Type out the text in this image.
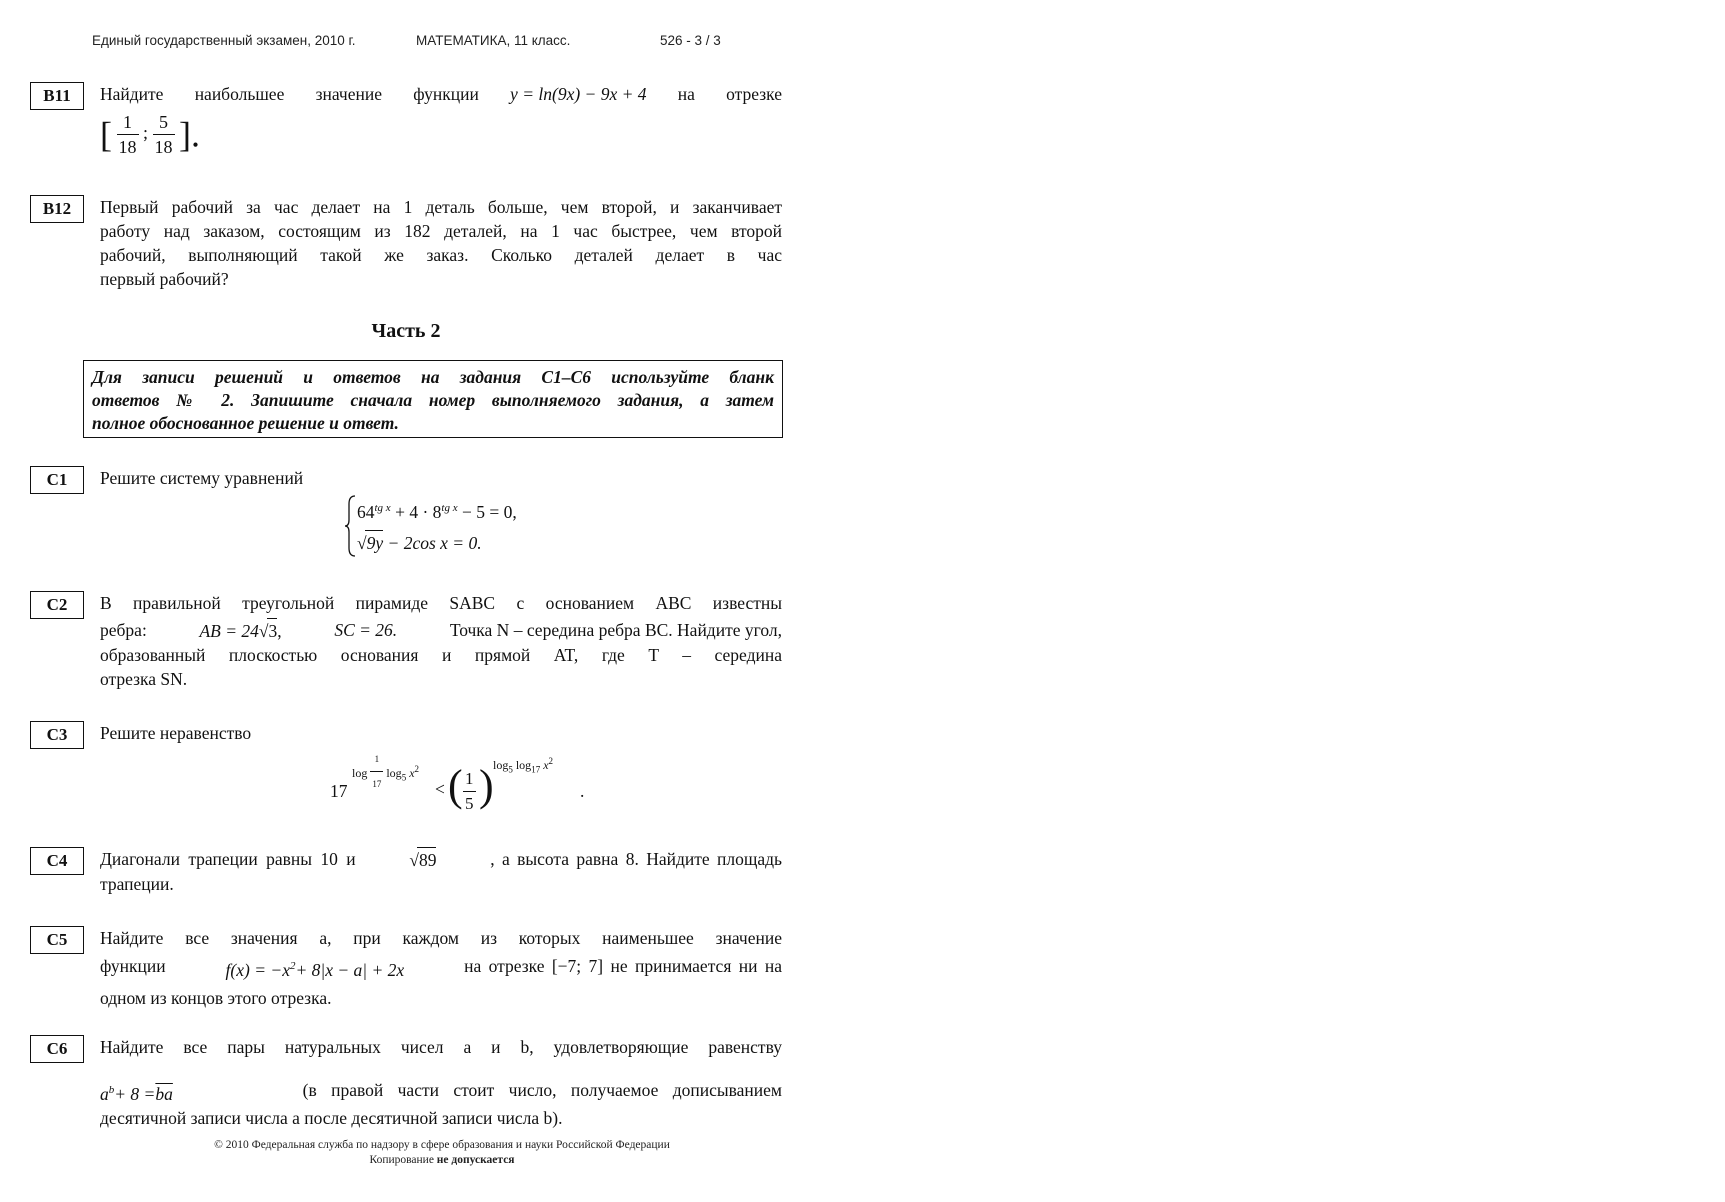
Единый государственный экзамен, 2010 г.	МАТЕМАТИКА, 11 класс.	526 - 3 / 3
B11	Найдите наибольшее значение функции y = ln(9x) − 9x + 4 на отрезке
[ $\frac{1}{18}$ ; $\frac{5}{18}$ ].
B12	Первый рабочий за час делает на 1 деталь больше, чем второй, и заканчивает
работу над заказом, состоящим из 182 деталей, на 1 час быстрее, чем второй
рабочий, выполняющий такой же заказ. Сколько деталей делает в час
первый рабочий?
Часть 2
Для записи решений и ответов на задания С1–С6 используйте бланк
ответов № 2. Запишите сначала номер выполняемого задания, а затем
полное обоснованное решение и ответ.
C1	Решите систему уравнений
$64^{tg x} + 4 \cdot 8^{tg x} - 5 = 0$,
√9y − 2cos x = 0.
C2	В правильной треугольной пирамиде SABC с основанием ABC известны
ребра:	AB = 24√3,	SC = 26.	Точка N – середина ребра BC. Найдите угол,
образованный плоскостью основания и прямой AT, где T – середина
отрезка SN.
C3	Решите неравенство
17
$\log \frac{1}{17} \log_5 x^2$
< ( $\frac{1}{5}$ ) $\log_5 \log_{17} x^2$
.
C4	Диагонали трапеции равны 10 и	√89	, а высота равна 8. Найдите площадь
трапеции.
C5	Найдите все значения a, при каждом из которых наименьшее значение
функции	$f(x) = -x^2+ 8|x - a| + 2x$	на отрезке [−7; 7] не принимается ни на
одном из концов этого отрезка.
C6	Найдите все пары натуральных чисел a и b, удовлетворяющие равенству
$a^b+ 8 =\overline{ba}$	(в правой части стоит число, получаемое дописыванием
десятичной записи числа a после десятичной записи числа b).
© 2010 Федеральная служба по надзору в сфере образования и науки Российской Федерации
Копирование не допускается
